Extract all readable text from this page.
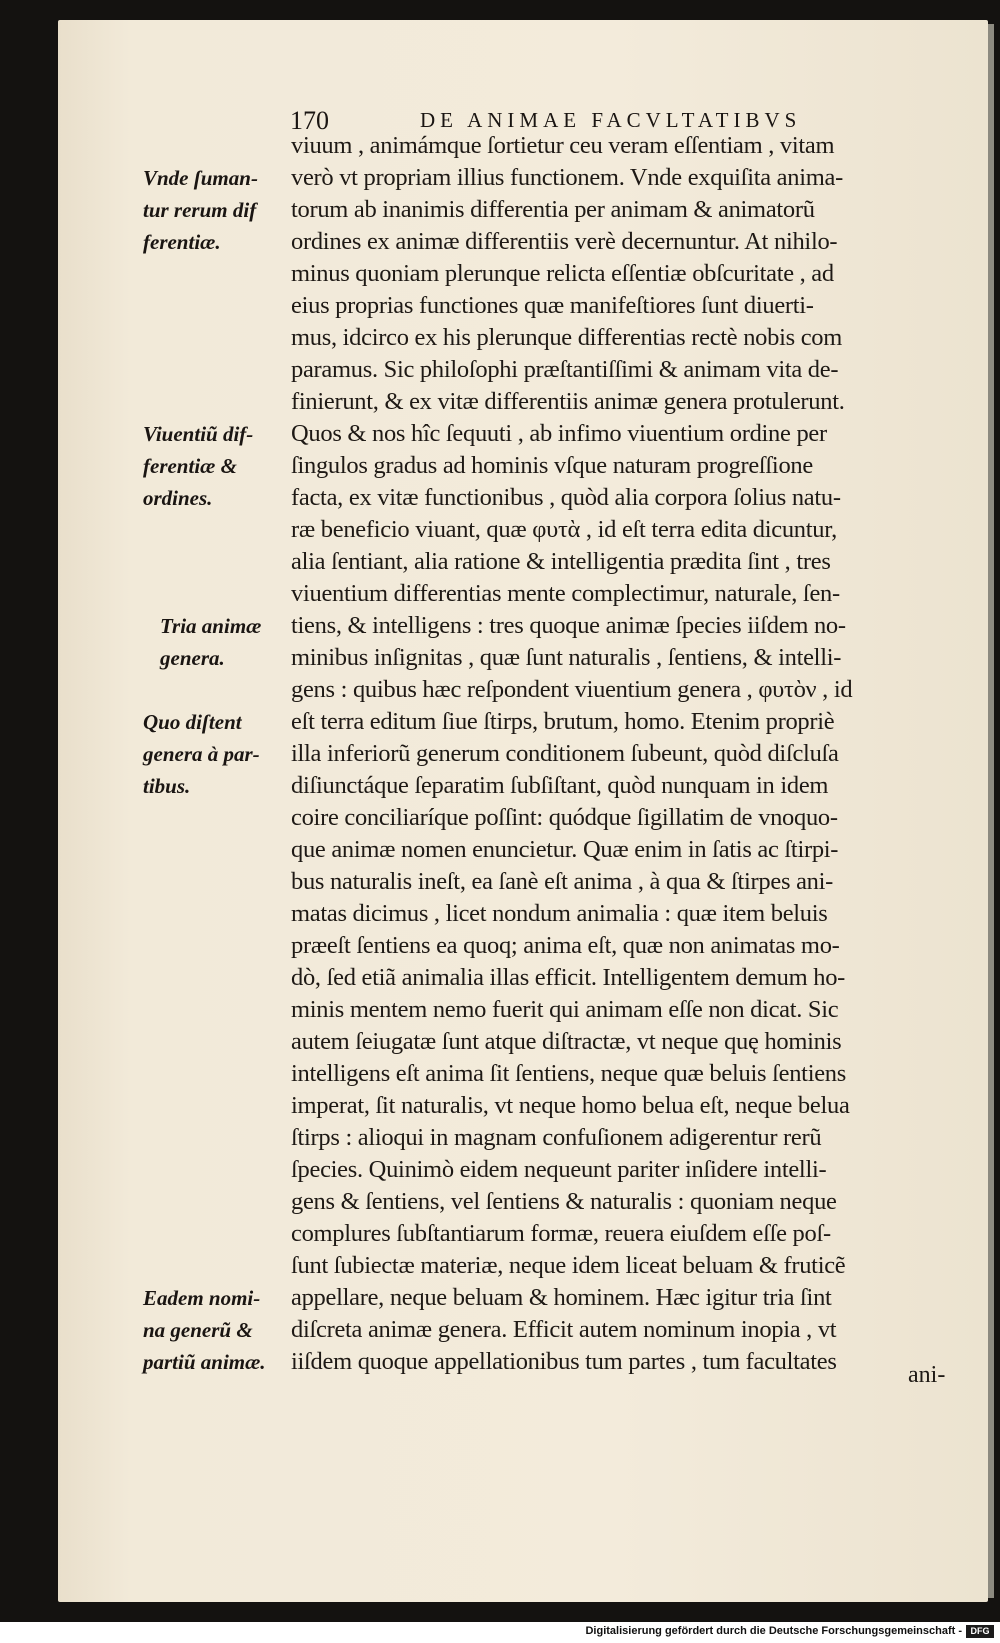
170	DE ANIMAE FACVLTATIBVS
Vnde ſuman-
tur rerum dif
ferentiæ.
Viuentiũ dif-
ferentiæ &
ordines.
Tria animæ
genera.
Quo diſtent
genera à par-
tibus.
Eadem nomi-
na generũ &
partiũ animæ.
viuum , animámque ſortietur ceu veram eſſentiam , vitam
verò vt propriam illius functionem. Vnde exquiſita anima-
torum ab inanimis differentia per animam & animatorũ
ordines ex animæ differentiis verè decernuntur. At nihilo-
minus quoniam plerunque relicta eſſentiæ obſcuritate , ad
eius proprias functiones quæ manifeſtiores ſunt diuerti-
mus, idcirco ex his plerunque differentias rectè nobis com
paramus. Sic philoſophi præſtantiſſimi & animam vita de-
finierunt, & ex vitæ differentiis animæ genera protulerunt.
Quos & nos hîc ſequuti , ab infimo viuentium ordine per
ſingulos gradus ad hominis vſque naturam progreſſione
facta, ex vitæ functionibus , quòd alia corpora ſolius natu-
ræ beneficio viuant, quæ φυτὰ , id eſt terra edita dicuntur,
alia ſentiant, alia ratione & intelligentia prædita ſint , tres
viuentium differentias mente complectimur, naturale, ſen-
tiens, & intelligens : tres quoque animæ ſpecies iiſdem no-
minibus inſignitas , quæ ſunt naturalis , ſentiens, & intelli-
gens : quibus hæc reſpondent viuentium genera , φυτὸν , id
eſt terra editum ſiue ſtirps, brutum, homo. Etenim propriè
illa inferiorũ generum conditionem ſubeunt, quòd diſcluſa
diſiunctáque ſeparatim ſubſiſtant, quòd nunquam in idem
coire conciliaríque poſſint: quódque ſigillatim de vnoquo-
que animæ nomen enuncietur. Quæ enim in ſatis ac ſtirpi-
bus naturalis ineſt, ea ſanè eſt anima , à qua & ſtirpes ani-
matas dicimus , licet nondum animalia : quæ item beluis
præeſt ſentiens ea quoq; anima eſt, quæ non animatas mo-
dò, ſed etiã animalia illas efficit. Intelligentem demum ho-
minis mentem nemo fuerit qui animam eſſe non dicat. Sic
autem ſeiugatæ ſunt atque diſtractæ, vt neque quę hominis
intelligens eſt anima ſit ſentiens, neque quæ beluis ſentiens
imperat, ſit naturalis, vt neque homo belua eſt, neque belua
ſtirps : alioqui in magnam confuſionem adigerentur rerũ
ſpecies. Quinimò eidem nequeunt pariter inſidere intelli-
gens & ſentiens, vel ſentiens & naturalis : quoniam neque
complures ſubſtantiarum formæ, reuera eiuſdem eſſe poſ-
ſunt ſubiectæ materiæ, neque idem liceat beluam & fruticẽ
appellare, neque beluam & hominem. Hæc igitur tria ſint
diſcreta animæ genera. Efficit autem nominum inopia , vt
iiſdem quoque appellationibus tum partes , tum facultates	ani-
Digitalisierung gefördert durch die Deutsche Forschungsgemeinschaft - DFG
